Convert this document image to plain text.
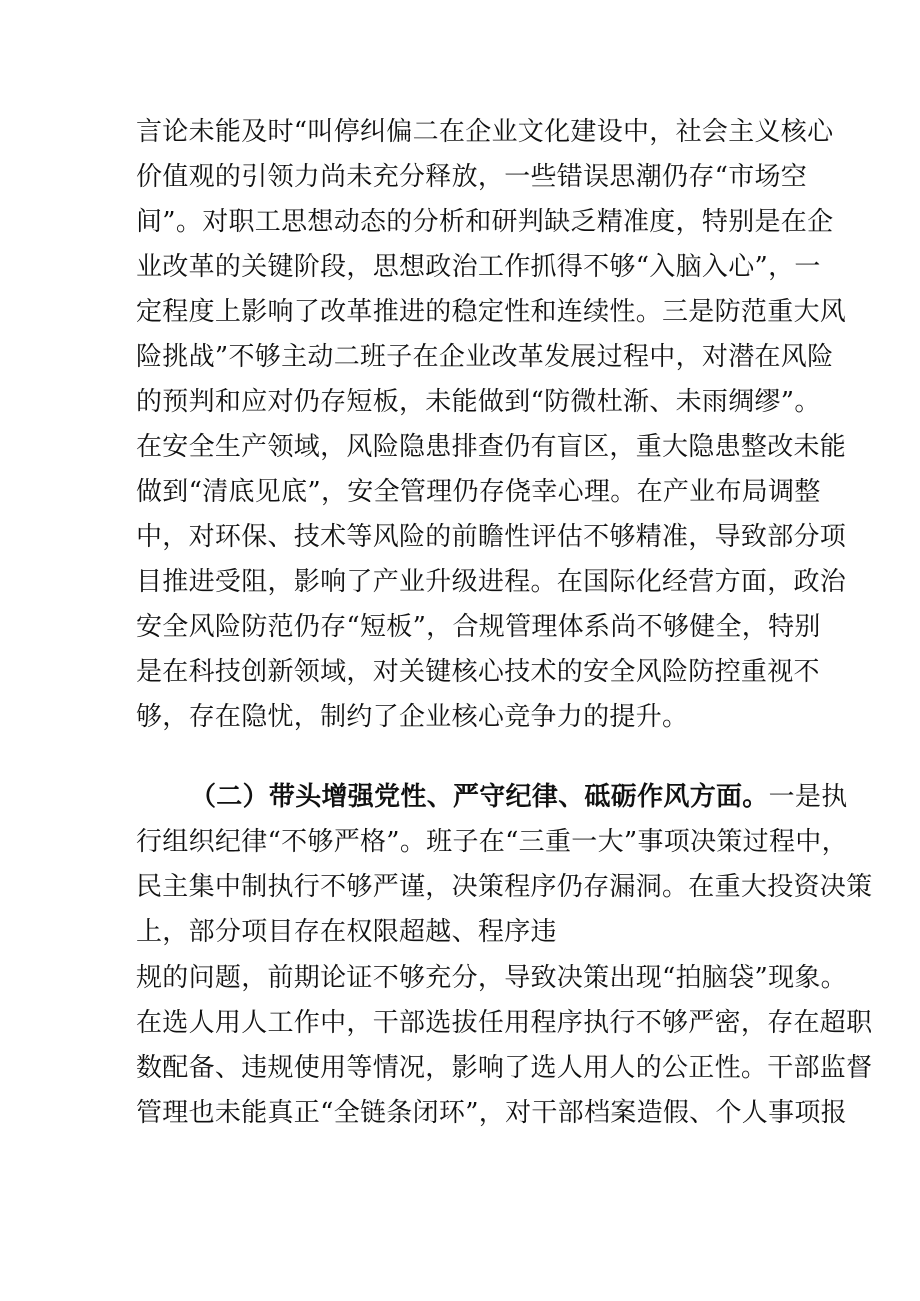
言论未能及时“叫停纠偏二在企业文化建设中，社会主义核心
价值观的引领力尚未充分释放，一些错误思潮仍存“市场空
间”。对职工思想动态的分析和研判缺乏精准度，特别是在企
业改革的关键阶段，思想政治工作抓得不够“入脑入心”，一
定程度上影响了改革推进的稳定性和连续性。三是防范重大风
险挑战”不够主动二班子在企业改革发展过程中，对潜在风险
的预判和应对仍存短板，未能做到“防微杜渐、未雨绸缪”。
在安全生产领域，风险隐患排查仍有盲区，重大隐患整改未能
做到“清底见底”，安全管理仍存侥幸心理。在产业布局调整
中，对环保、技术等风险的前瞻性评估不够精准，导致部分项
目推进受阻，影响了产业升级进程。在国际化经营方面，政治
安全风险防范仍存“短板”，合规管理体系尚不够健全，特别
是在科技创新领域，对关键核心技术的安全风险防控重视不
够，存在隐忧，制约了企业核心竞争力的提升。
（二）带头增强党性、严守纪律、砥砺作风方面。一是执
行组织纪律“不够严格”。班子在“三重一大”事项决策过程中，
民主集中制执行不够严谨，决策程序仍存漏洞。在重大投资决策
上，部分项目存在权限超越、程序违
规的问题，前期论证不够充分，导致决策出现“拍脑袋”现象。
在选人用人工作中，干部选拔任用程序执行不够严密，存在超职
数配备、违规使用等情况，影响了选人用人的公正性。干部监督
管理也未能真正“全链条闭环”，对干部档案造假、个人事项报
